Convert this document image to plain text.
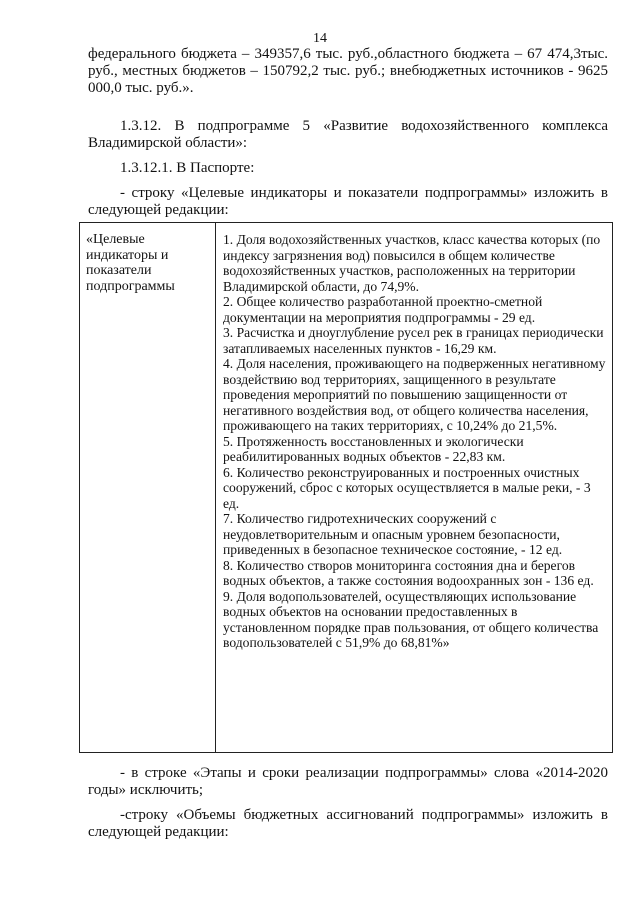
14

федерального бюджета – 349357,6 тыс. руб.,областного бюджета – 67 474,3тыс. руб., местных бюджетов – 150792,2 тыс. руб.; внебюджетных источников - 9625 000,0 тыс. руб.».

1.3.12. В подпрограмме 5 «Развитие водохозяйственного комплекса Владимирской области»:

1.3.12.1. В Паспорте:

- строку «Целевые индикаторы и показатели подпрограммы» изложить в следующей редакции:

«Целевые индикаторы и показатели подпрограммы

1. Доля водохозяйственных участков, класс качества которых (по индексу загрязнения вод) повысился в общем количестве водохозяйственных участков, расположенных на территории Владимирской области, до 74,9%.

2. Общее количество разработанной проектно-сметной документации на мероприятия подпрограммы - 29 ед.

3. Расчистка и дноуглубление русел рек в границах периодически затапливаемых населенных пунктов - 16,29 км.

4. Доля населения, проживающего на подверженных негативному воздействию вод территориях, защищенного в результате проведения мероприятий по повышению защищенности от негативного воздействия вод, от общего количества населения, проживающего на таких территориях, с 10,24% до 21,5%.

5. Протяженность восстановленных и экологически реабилитированных водных объектов - 22,83 км.

6. Количество реконструированных и построенных очистных сооружений, сброс с которых осуществляется в малые реки, - 3 ед.

7. Количество гидротехнических сооружений с неудовлетворительным и опасным уровнем безопасности, приведенных в безопасное техническое состояние, - 12 ед.

8. Количество створов мониторинга состояния дна и берегов водных объектов, а также состояния водоохранных зон - 136 ед.

9. Доля водопользователей, осуществляющих использование водных объектов на основании предоставленных в установленном порядке прав пользования, от общего количества водопользователей с 51,9% до 68,81%»

- в строке «Этапы и сроки реализации подпрограммы» слова «2014-2020 годы» исключить;

-строку «Объемы бюджетных ассигнований подпрограммы» изложить в следующей редакции:
